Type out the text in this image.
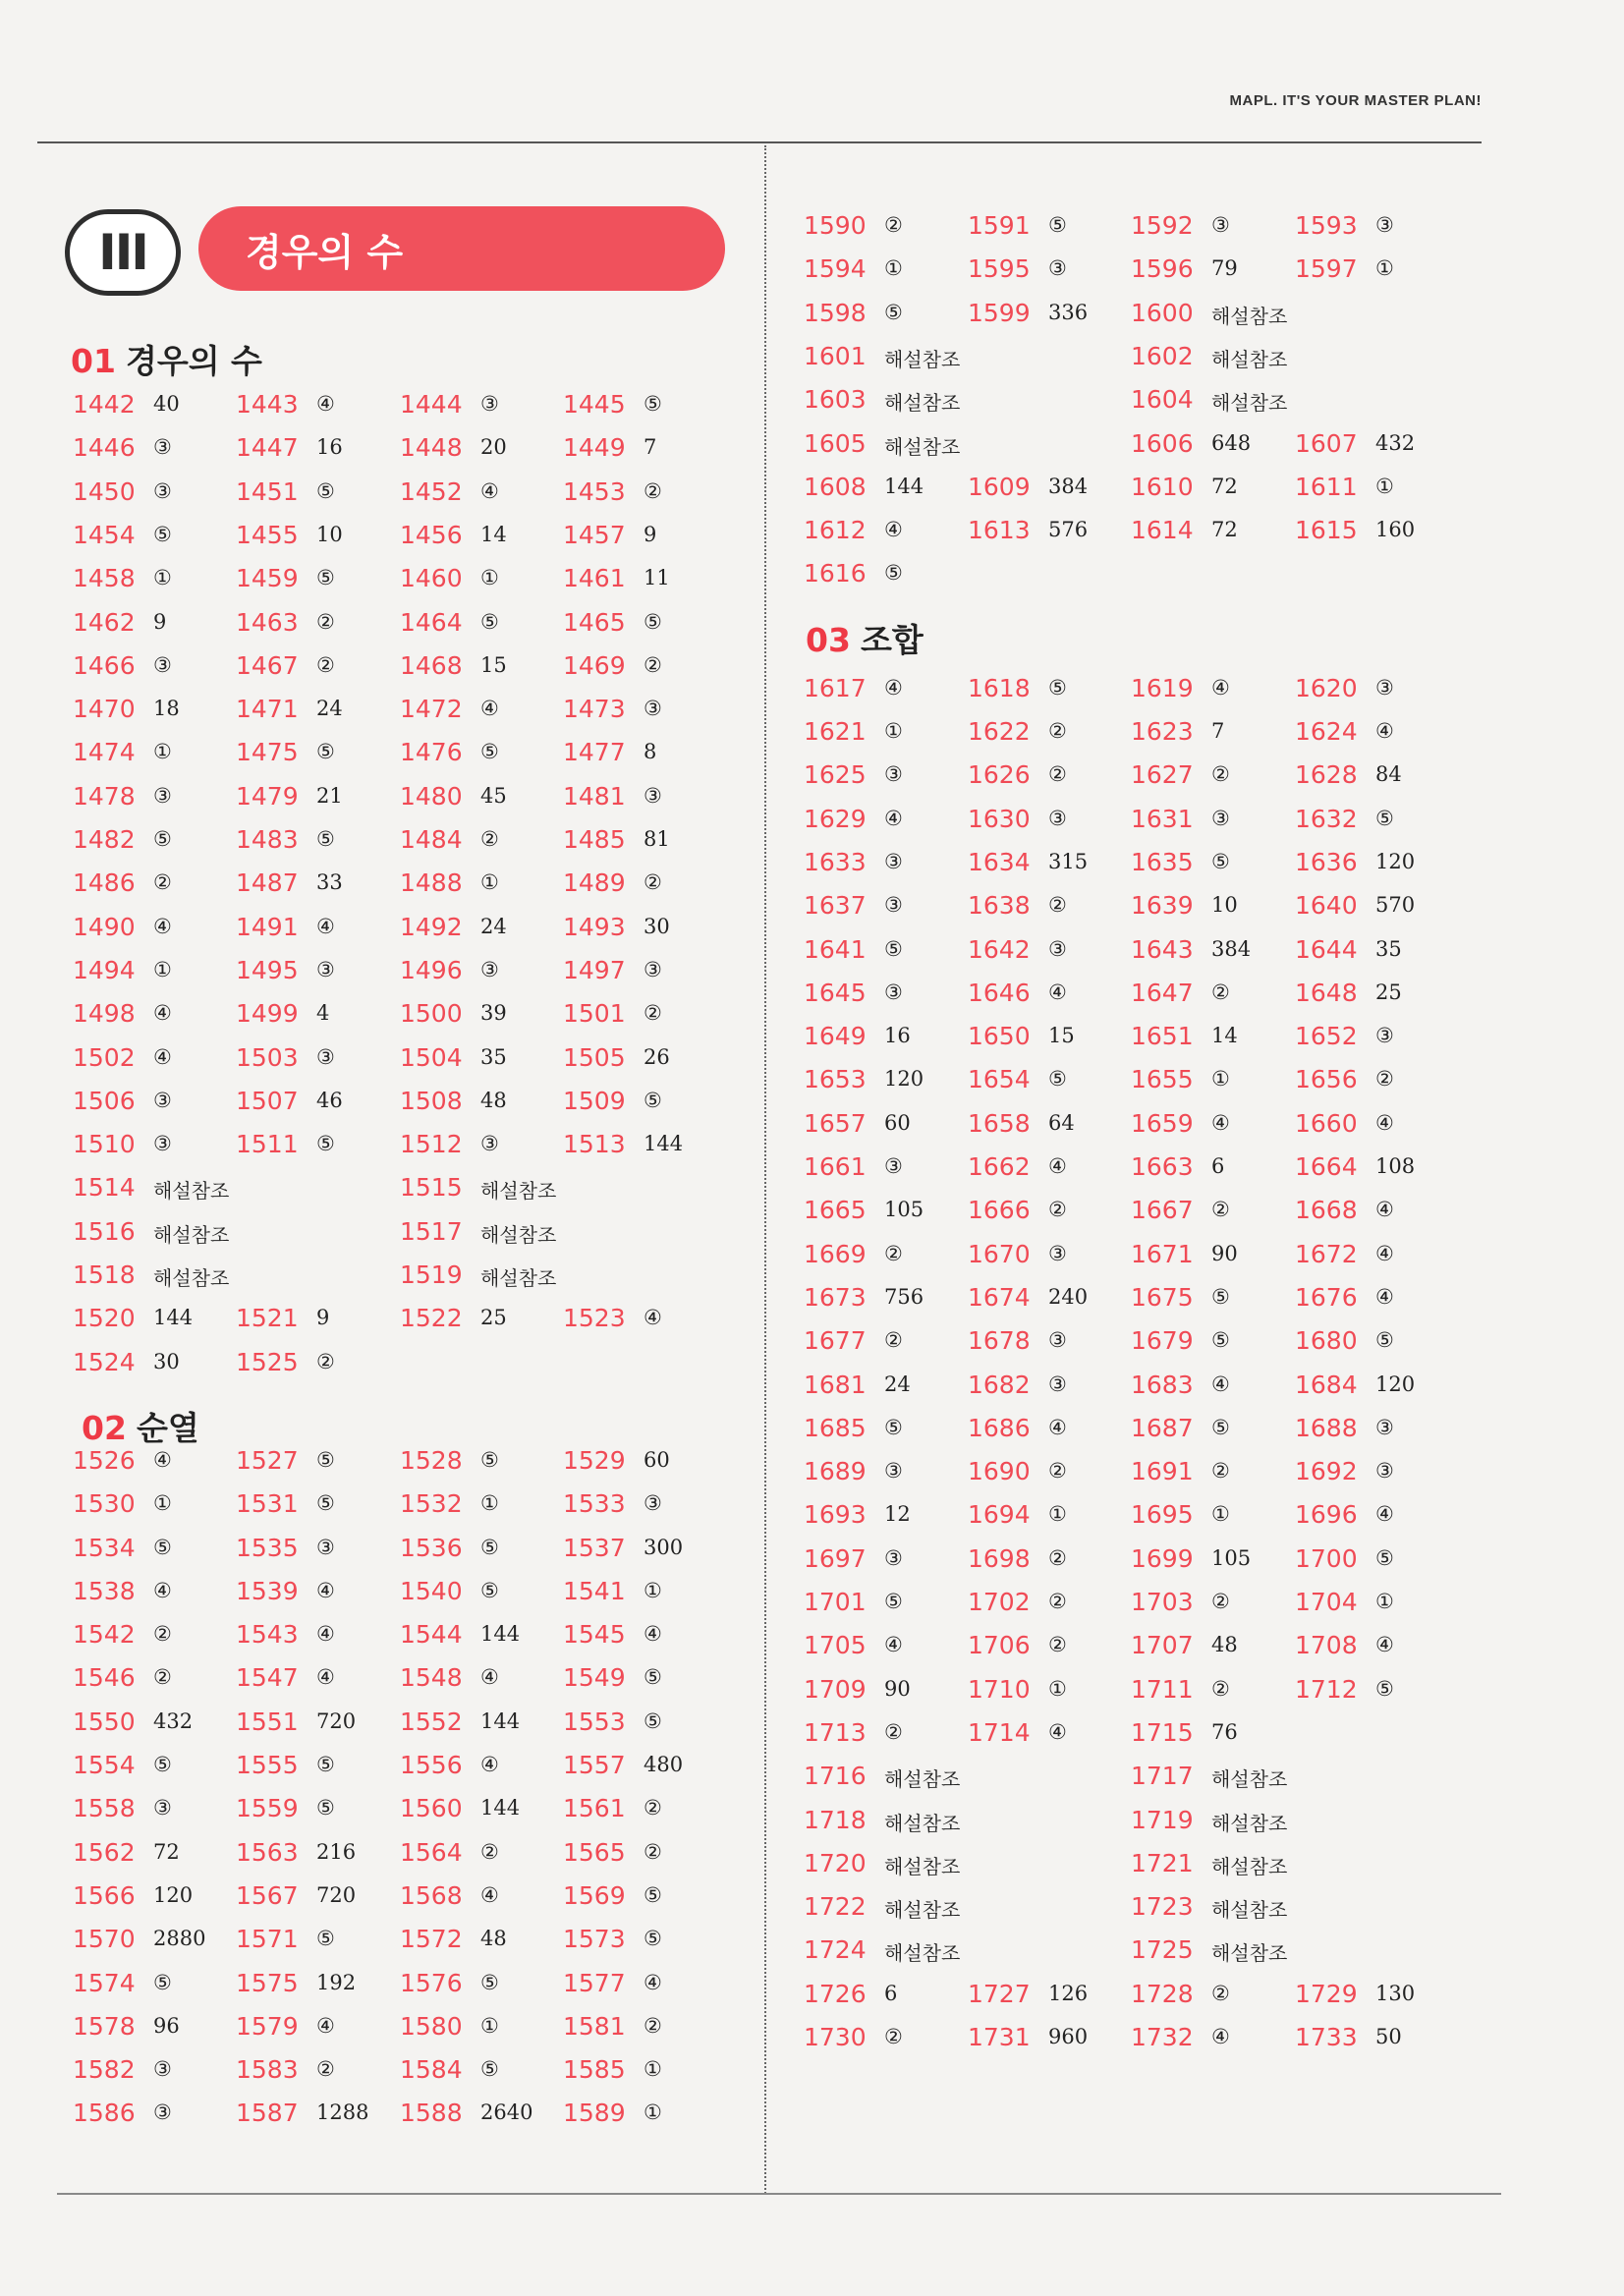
MAPL. IT'S YOUR MASTER PLAN!
III	경우의 수
01 경우의 수
02 순열
03 조합
1442 40 1443 ④	1444 ③	1445 ⑤
1446 ③	1447 16 1448 20 1449 7
1450 ③	1451 ⑤	1452 ④	1453 ②
1454 ⑤	1455 10 1456 14 1457 9
1458 ①	1459 ⑤	1460 ①	1461 11
1462 9	1463 ②	1464 ⑤	1465 ⑤
1466 ③	1467 ②	1468 15 1469 ②
1470 18 1471 24 1472 ④	1473 ③
1474 ①	1475 ⑤	1476 ⑤	1477 8
1478 ③	1479 21 1480 45 1481 ③
1482 ⑤	1483 ⑤	1484 ②	1485 81
1486 ②	1487 33 1488 ①	1489 ②
1490 ④	1491 ④	1492 24 1493 30
1494 ①	1495 ③	1496 ③	1497 ③
1498 ④	1499 4	1500 39 1501 ②
1502 ④	1503 ③	1504 35 1505 26
1506 ③	1507 46 1508 48 1509 ⑤
1510 ③	1511 ⑤	1512 ③	1513 144
1514 해설참조	1515 해설참조
1516 해설참조	1517 해설참조
1518 해설참조	1519 해설참조
1520 144 1521 9	1522 25 1523 ④
1524 30 1525 ②
1526 ④	1527 ⑤	1528 ⑤	1529 60
1530 ①	1531 ⑤	1532 ①	1533 ③
1534 ⑤	1535 ③	1536 ⑤	1537 300
1538 ④	1539 ④	1540 ⑤	1541 ①
1542 ②	1543 ④	1544 144 1545 ④
1546 ②	1547 ④	1548 ④	1549 ⑤
1550 432 1551 720 1552 144 1553 ⑤
1554 ⑤	1555 ⑤	1556 ④	1557 480
1558 ③	1559 ⑤	1560 144 1561 ②
1562 72 1563 216 1564 ②	1565 ②
1566 120 1567 720 1568 ④	1569 ⑤
1570 2880 1571 ⑤	1572 48 1573 ⑤
1574 ⑤	1575 192 1576 ⑤	1577 ④
1578 96 1579 ④	1580 ①	1581 ②
1582 ③	1583 ②	1584 ⑤	1585 ①
1586 ③	1587 1288 1588 2640 1589 ①
1590 ②	1591 ⑤	1592 ③	1593 ③
1594 ①	1595 ③	1596 79 1597 ①
1598 ⑤	1599 336 1600 해설참조
1601 해설참조	1602 해설참조
1603 해설참조	1604 해설참조
1605 해설참조	1606 648 1607 432
1608 144 1609 384 1610 72 1611 ①
1612 ④	1613 576 1614 72 1615 160
1616 ⑤
1617 ④	1618 ⑤	1619 ④	1620 ③
1621 ①	1622 ②	1623 7	1624 ④
1625 ③	1626 ②	1627 ②	1628 84
1629 ④	1630 ③	1631 ③	1632 ⑤
1633 ③	1634 315 1635 ⑤	1636 120
1637 ③	1638 ②	1639 10 1640 570
1641 ⑤	1642 ③	1643 384 1644 35
1645 ③	1646 ④	1647 ②	1648 25
1649 16 1650 15 1651 14 1652 ③
1653 120 1654 ⑤	1655 ①	1656 ②
1657 60 1658 64 1659 ④	1660 ④
1661 ③	1662 ④	1663 6	1664 108
1665 105 1666 ②	1667 ②	1668 ④
1669 ②	1670 ③	1671 90 1672 ④
1673 756 1674 240 1675 ⑤	1676 ④
1677 ②	1678 ③	1679 ⑤	1680 ⑤
1681 24 1682 ③	1683 ④	1684 120
1685 ⑤	1686 ④	1687 ⑤	1688 ③
1689 ③	1690 ②	1691 ②	1692 ③
1693 12 1694 ①	1695 ①	1696 ④
1697 ③	1698 ②	1699 105 1700 ⑤
1701 ⑤	1702 ②	1703 ②	1704 ①
1705 ④	1706 ②	1707 48 1708 ④
1709 90 1710 ①	1711 ②	1712 ⑤
1713 ②	1714 ④	1715 76
1716 해설참조	1717 해설참조
1718 해설참조	1719 해설참조
1720 해설참조	1721 해설참조
1722 해설참조	1723 해설참조
1724 해설참조	1725 해설참조
1726 6	1727 126 1728 ②	1729 130
1730 ②	1731 960 1732 ④	1733 50
